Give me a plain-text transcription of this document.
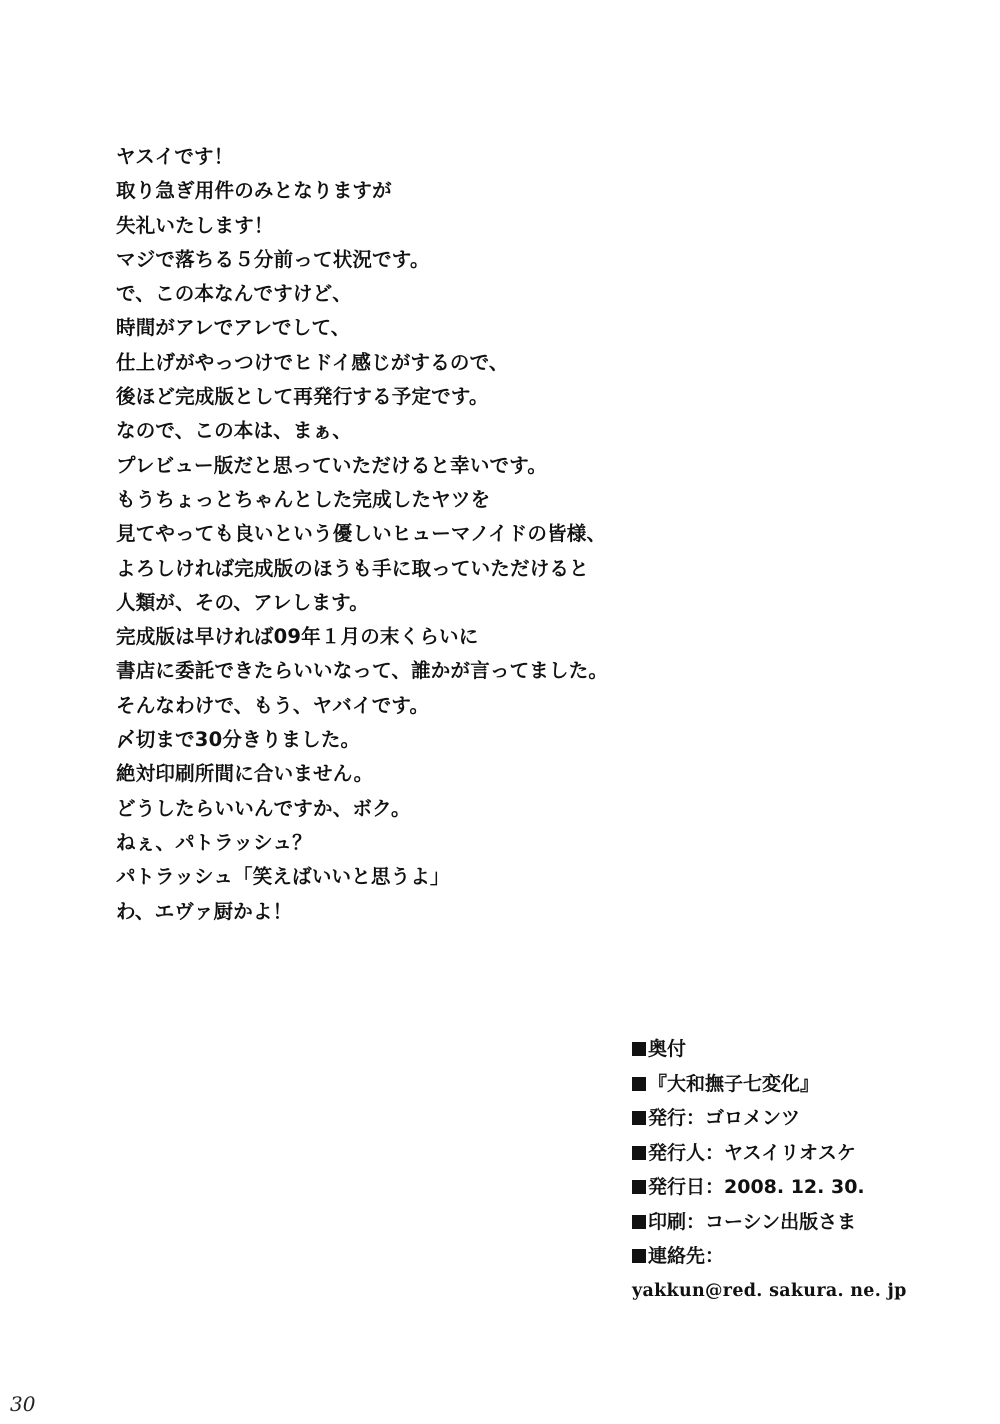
ヤスイです！
取り急ぎ用件のみとなりますが
失礼いたします！
マジで落ちる５分前って状況です。
で、この本なんですけど、
時間がアレでアレでして、
仕上げがやっつけでヒドイ感じがするので、
後ほど完成版として再発行する予定です。
なので、この本は、まぁ、
プレビュー版だと思っていただけると幸いです。
もうちょっとちゃんとした完成したヤツを
見てやっても良いという優しいヒューマノイドの皆様、
よろしければ完成版のほうも手に取っていただけると
人類が、その、アレします。
完成版は早ければ09年１月の末くらいに
書店に委託できたらいいなって、誰かが言ってました。
そんなわけで、もう、ヤバイです。
〆切まで30分きりました。
絶対印刷所間に合いません。
どうしたらいいんですか、ボク。
ねぇ、パトラッシュ？
パトラッシュ「笑えばいいと思うよ」
わ、エヴァ厨かよ！
奥付
『大和撫子七変化』
発行：ゴロメンツ
発行人：ヤスイリオスケ
発行日：2008. 12. 30.
印刷：コーシン出版さま
連絡先：
yakkun@red. sakura. ne. jp
30
